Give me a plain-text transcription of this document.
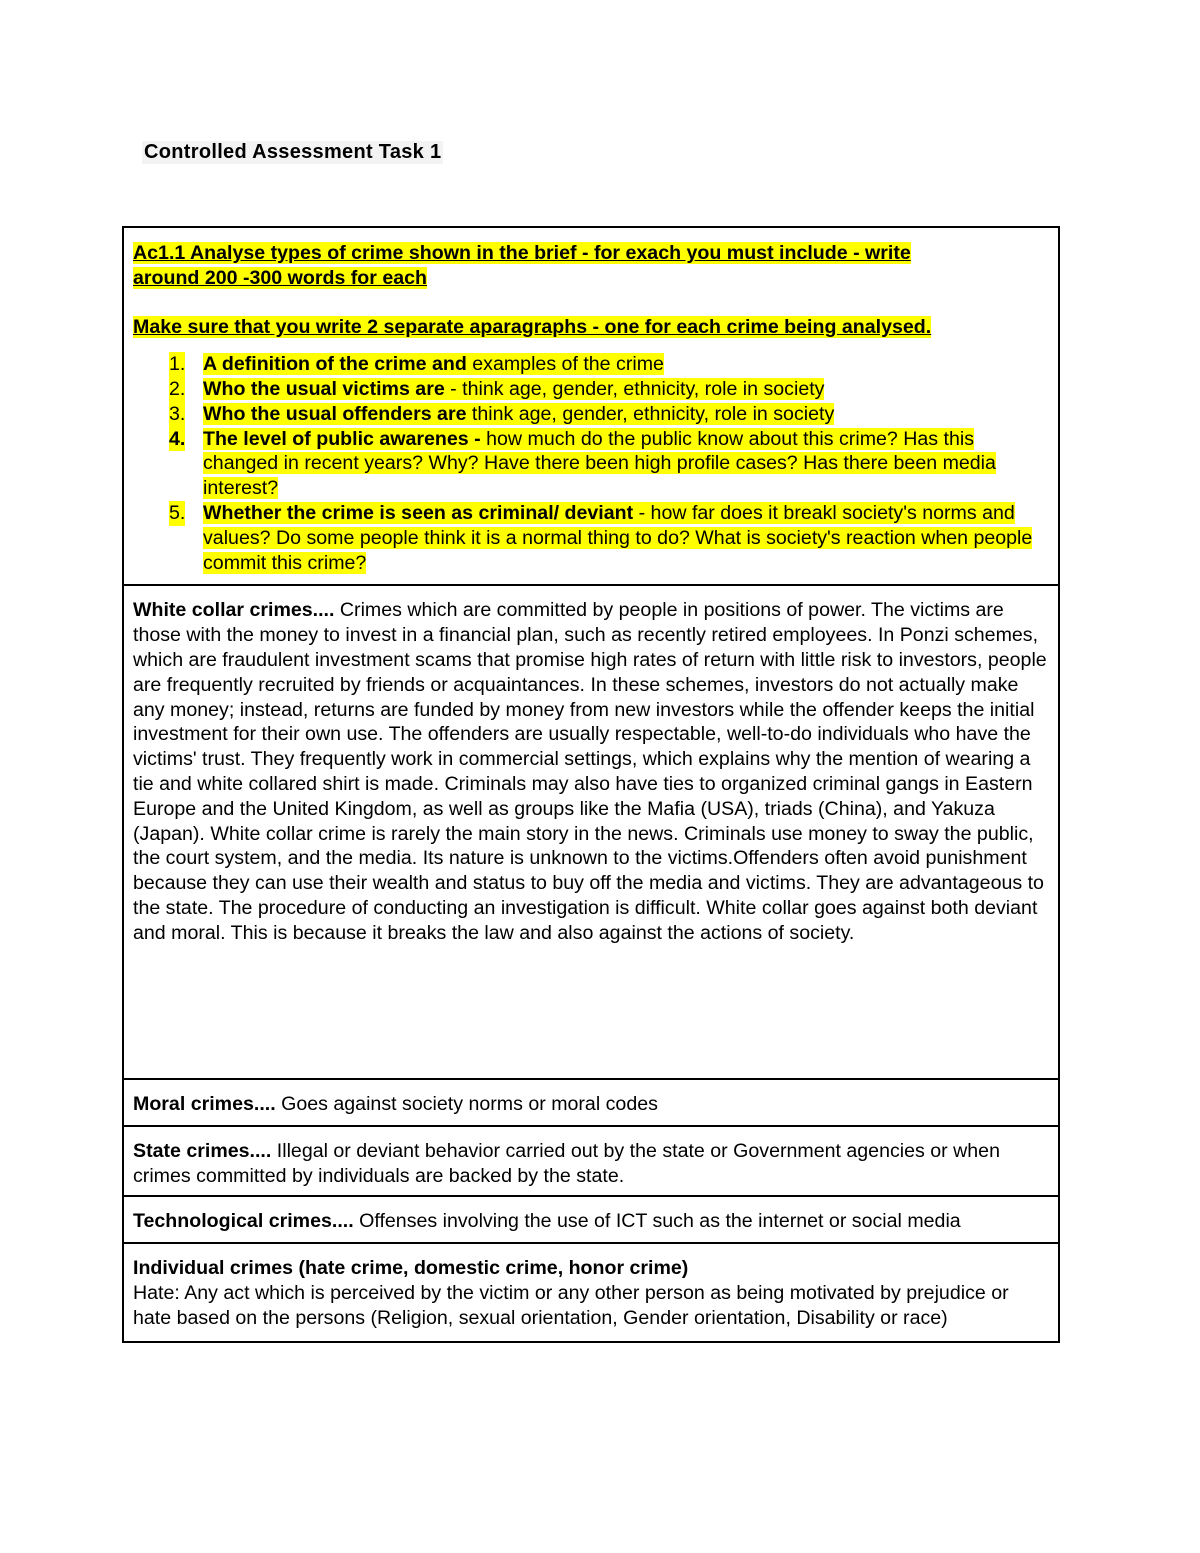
Controlled Assessment Task 1

Ac1.1 Analyse types of crime shown in the brief - for exach you must include - write

around 200 -300 words for each

Make sure that you write 2 separate aparagraphs - one for each crime being analysed.

1. A definition of the crime and examples of the crime
2. Who the usual victims are - think age, gender, ethnicity, role in society
3. Who the usual offenders are think age, gender, ethnicity, role in society
4. The level of public awarenes - how much do the public know about this crime? Has this changed in recent years? Why? Have there been high profile cases? Has there been media interest?
5. Whether the crime is seen as criminal/ deviant - how far does it breakl society's norms and values? Do some people think it is a normal thing to do? What is society's reaction when people commit this crime?
White collar crimes.... Crimes which are committed by people in positions of power. The victims are those with the money to invest in a financial plan, such as recently retired employees. In Ponzi schemes, which are fraudulent investment scams that promise high rates of return with little risk to investors, people are frequently recruited by friends or acquaintances. In these schemes, investors do not actually make any money; instead, returns are funded by money from new investors while the offender keeps the initial investment for their own use. The offenders are usually respectable, well-to-do individuals who have the victims' trust. They frequently work in commercial settings, which explains why the mention of wearing a tie and white collared shirt is made. Criminals may also have ties to organized criminal gangs in Eastern Europe and the United Kingdom, as well as groups like the Mafia (USA), triads (China), and Yakuza (Japan). White collar crime is rarely the main story in the news. Criminals use money to sway the public, the court system, and the media. Its nature is unknown to the victims.Offenders often avoid punishment because they can use their wealth and status to buy off the media and victims. They are advantageous to the state. The procedure of conducting an investigation is difficult. White collar goes against both deviant and moral. This is because it breaks the law and also against the actions of society.
Moral crimes.... Goes against society norms or moral codes
State crimes.... Illegal or deviant behavior carried out by the state or Government agencies or when crimes committed by individuals are backed by the state.
Technological crimes.... Offenses involving the use of ICT such as the internet or social media
Individual crimes (hate crime, domestic crime, honor crime)
Hate: Any act which is perceived by the victim or any other person as being motivated by prejudice or hate based on the persons (Religion, sexual orientation, Gender orientation, Disability or race)
